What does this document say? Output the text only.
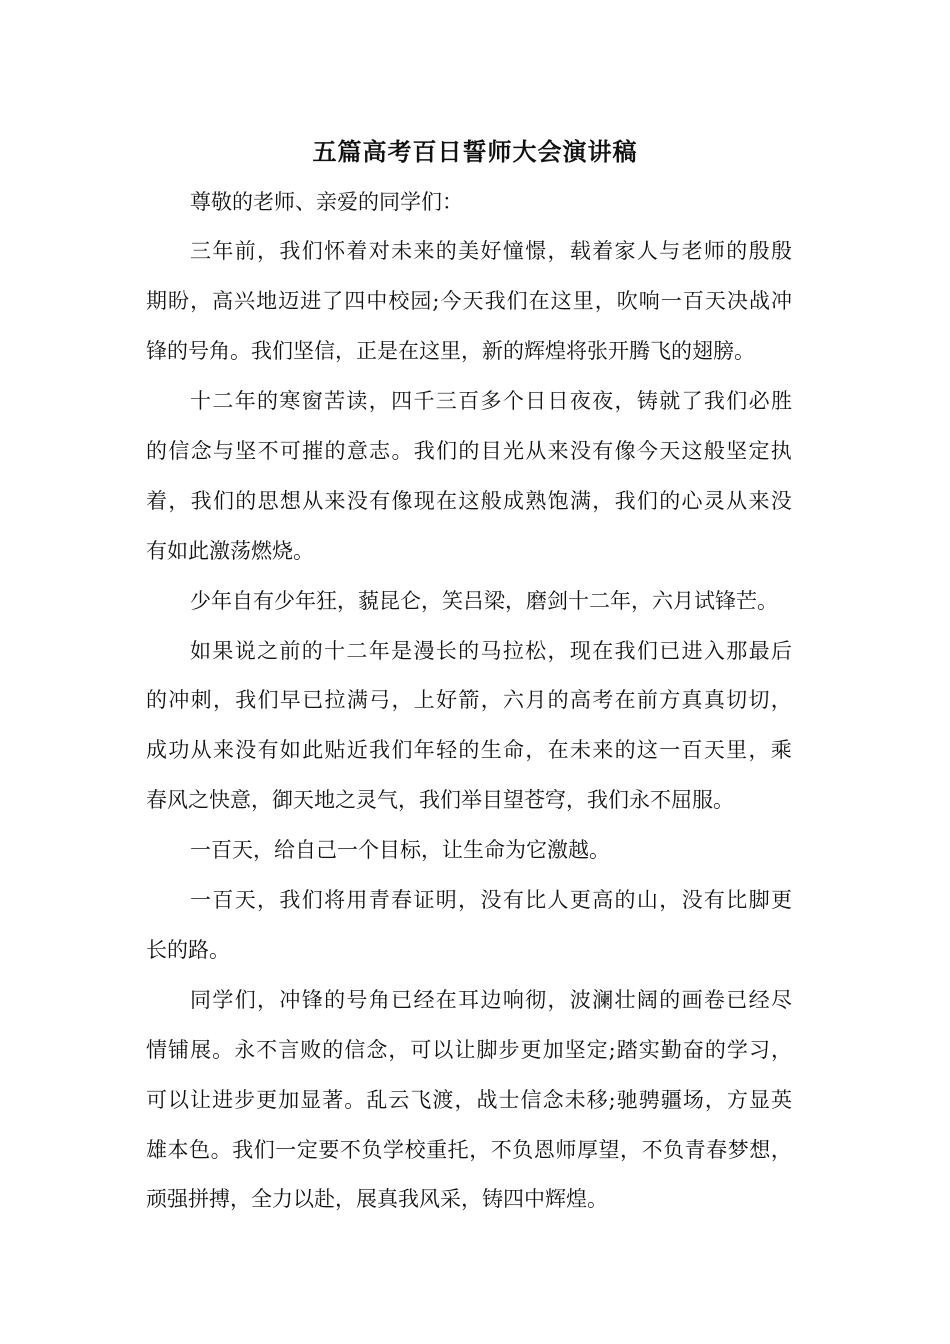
五篇高考百日誓师大会演讲稿

尊敬的老师、亲爱的同学们：

三 年 前 ， 我 们 怀 着 对 未 来 的 美 好 憧 憬 ， 载 着 家 人 与 老 师 的 殷 殷

期 盼 ， 高 兴 地 迈 进 了 四 中 校 园 ; 今 天 我 们 在 这 里 ， 吹 响 一 百 天 决 战 冲

锋的号角。我们坚信，正是在这里，新的辉煌将张开腾飞的翅膀。

十 二 年 的 寒 窗 苦 读 ， 四 千 三 百 多 个 日 日 夜 夜 ， 铸 就 了 我 们 必 胜

的 信 念 与 坚 不 可 摧 的 意 志 。 我 们 的 目 光 从 来 没 有 像 今 天 这 般 坚 定 执

着 ， 我 们 的 思 想 从 来 没 有 像 现 在 这 般 成 熟 饱 满 ， 我 们 的 心 灵 从 来 没

有如此激荡燃烧。

少年自有少年狂，藐昆仑，笑吕梁，磨剑十二年，六月试锋芒。

如 果 说 之 前 的 十 二 年 是 漫 长 的 马 拉 松 ， 现 在 我 们 已 进 入 那 最 后

的 冲 刺 ， 我 们 早 已 拉 满 弓 ， 上 好 箭 ， 六 月 的 高 考 在 前 方 真 真 切 切 ，

成 功 从 来 没 有 如 此 贴 近 我 们 年 轻 的 生 命 ， 在 未 来 的 这 一 百 天 里 ， 乘

春风之快意，御天地之灵气，我们举目望苍穹，我们永不屈服。

一百天，给自己一个目标，让生命为它激越。

一 百 天 ， 我 们 将 用 青 春 证 明 ， 没 有 比 人 更 高 的 山 ， 没 有 比 脚 更

长的路。

同 学 们 ， 冲 锋 的 号 角 已 经 在 耳 边 响 彻 ， 波 澜 壮 阔 的 画 卷 已 经 尽

情 铺 展 。 永 不 言 败 的 信 念 ， 可 以 让 脚 步 更 加 坚 定 ; 踏 实 勤 奋 的 学 习 ，

可 以 让 进 步 更 加 显 著 。 乱 云 飞 渡 ， 战 士 信 念 未 移 ; 驰 骋 疆 场 ， 方 显 英

雄 本 色 。 我 们 一 定 要 不 负 学 校 重 托 ， 不 负 恩 师 厚 望 ， 不 负 青 春 梦 想 ，

顽强拼搏，全力以赴，展真我风采，铸四中辉煌。
